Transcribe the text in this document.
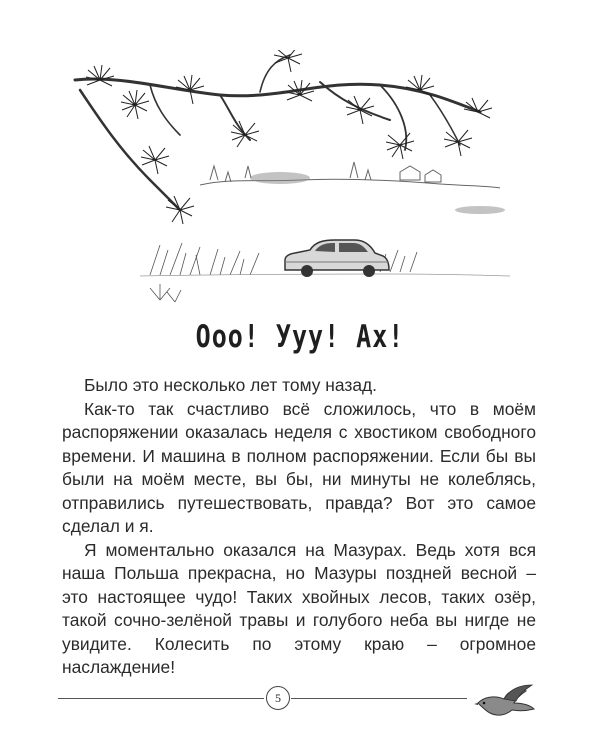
Ооо! Ууу! Ах!

Было это несколько лет тому назад.

Как-то так счастливо всё сложилось, что в моём распоряжении оказалась неделя с хвостиком свободного времени. И машина в полном распоряжении. Если бы вы были на моём месте, вы бы, ни минуты не колеблясь, отправились путешествовать, правда? Вот это самое сделал и я.

Я моментально оказался на Мазурах. Ведь хотя вся наша Польша прекрасна, но Мазуры поздней весной – это настоящее чудо! Таких хвойных лесов, таких озёр, такой сочно-зелёной травы и голубого неба вы нигде не увидите. Колесить по этому краю – огромное наслаждение!

5
